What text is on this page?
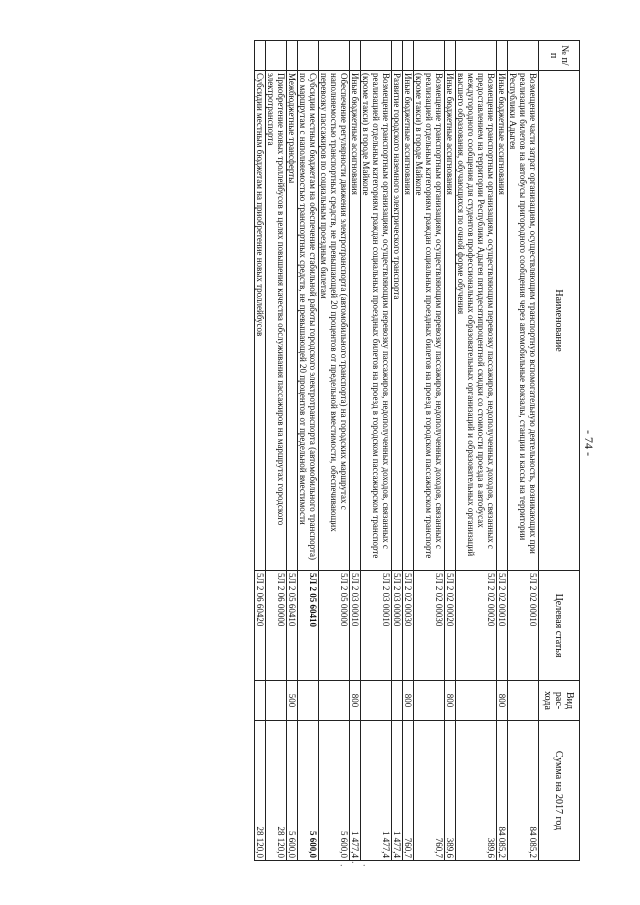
- 74 -
№ п/п	Наименование	Целевая статья	Вид рас-хода	Сумма на 2017 год
	Возмещение части затрат организациям, осуществляющим транспортную вспомогательную деятельность, возникающих при реализации билетов на автобусы пригородного сообщения через автомобильные вокзалы, станции и кассы на территории Республики Адыгея	5Л 2 02 00010		84 085,2
	Иные бюджетные ассигнования	5Л 2 02 00010	800	84 085,2
	Возмещение транспортным организациям, осуществляющим перевозку пассажиров, недополученных доходов, связанных с предоставлением на территории Республики Адыгея пятидесятипроцентной скидки со стоимости проезда в автобусах междугородного сообщения для студентов профессиональных образовательных организаций и образовательных организаций высшего образования, обучающихся по очной форме обучения	5Л 2 02 00020		389,6
	Иные бюджетные ассигнования	5Л 2 02 00020	800	389,6
	Возмещение транспортным организациям, осуществляющим перевозку пассажиров, недополученных доходов, связанных с реализацией отдельным категориям граждан социальных проездных билетов на проезд в городском пассажирском транспорте (кроме такси) в городе Майкопе	5Л 2 02 00030		760,7
	Иные бюджетные ассигнования	5Л 2 02 00030	800	760,7
	Развитие городского наземного электрического транспорта	5Л 2 03 00000		1 477,4
	Возмещение транспортным организациям, осуществляющим перевозку пассажиров, недополученных доходов, связанных с реализацией отдельным категориям граждан социальных проездных билетов на проезд в городском пассажирском транспорте (кроме такси) в городе Майкопе	5Л 2 03 00010		1 477,4
	Иные бюджетные ассигнования	5Л 2 03 00010	800	1 477,4
	Обеспечение регулярности движения электротранспорта (автомобильного транспорта) на городских маршрутах с наполняемостью транспортных средств, не превышающей 20 процентов от предельной вместимости, обеспечивающих перевозку пассажиров по социальным проездным билетам	5Л 2 05 00000		5 600,0
	Субсидии местным бюджетам на обеспечение стабильной работы городского электротранспорта (автомобильного транспорта) по маршрутам с наполняемостью транспортных средств, не превышающей 20 процентов от предельной вместимости	5Л 2 05 60410		5 600,0
	Межбюджетные трансферты	5Л 2 05 60410	500	5 600,0
	Приобретение новых троллейбусов в целях повышения качества обслуживания пассажиров на маршрутах городского электротранспорта	5Л 2 06 00000		28 120,0
	Субсидии местным бюджетам на приобретение новых троллейбусов	5Л 2 06 60420		28 120,0
. · .
